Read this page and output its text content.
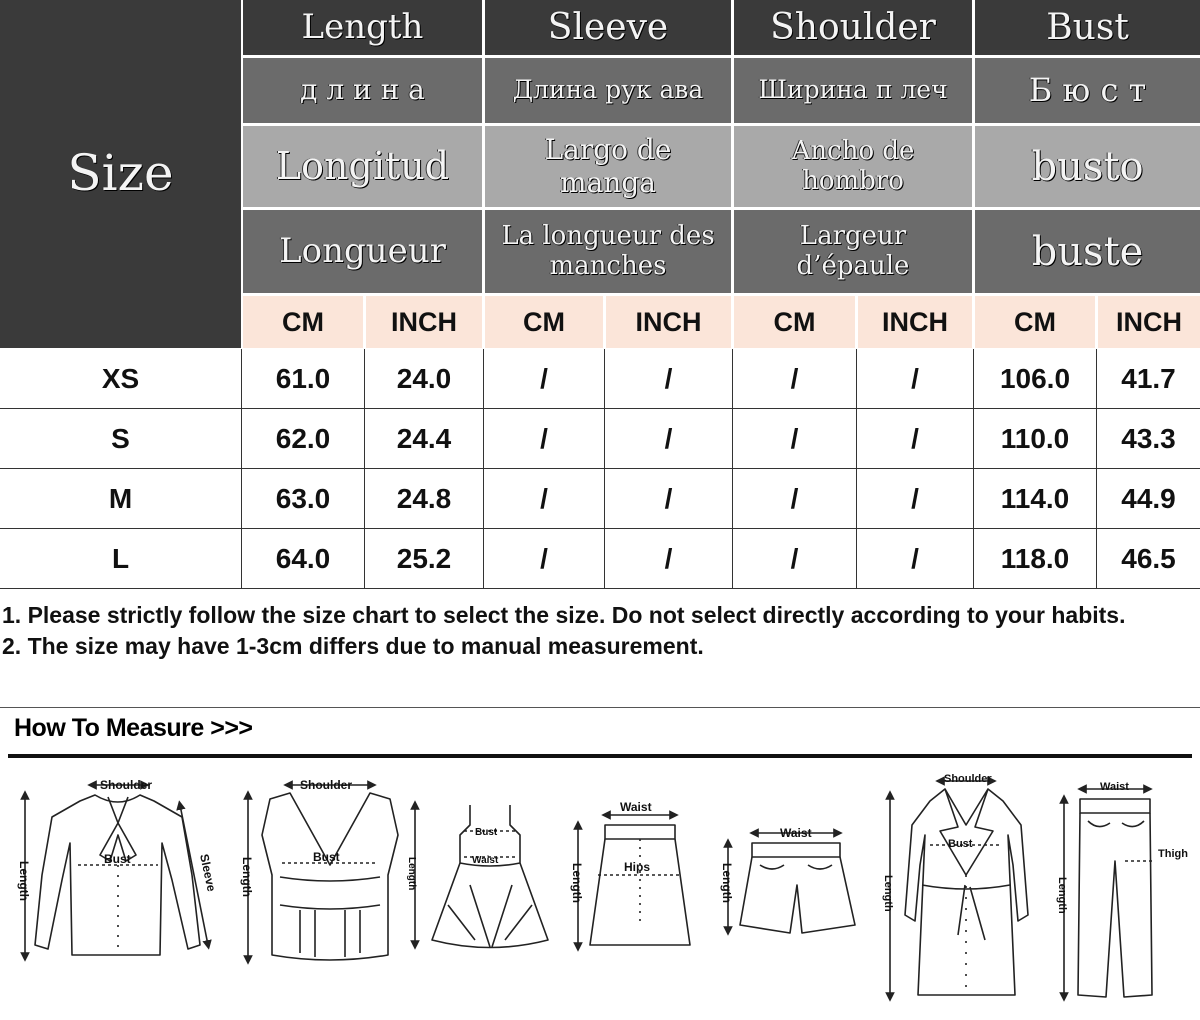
Size
Length
д л и н а
Longitud
Longueur
Sleeve
Длина рук ава
Largo de manga
La longueur des manches
Shoulder
Ширина п леч
Ancho de hombro
Largeur d’épaule
Bust
Б ю с т
busto
buste
CM INCH CM	INCH	CM INCH CM INCH
XS	61.0 24.0	/	/	/	/	106.0 41.7
S	62.0 24.4	/	/	/	/	110.0 43.3
M	63.0 24.8	/	/	/	/	114.0 44.9
L	64.0 25.2	/	/	/	/	118.0 46.5

1. Please strictly follow the size chart to select the size. Do not select directly according to your habits.

2. The size may have 1-3cm differs due to manual measurement.

How To Measure >>>
Shoulder
Bust	Sleeve
Length
Shoulder
Bust
Length
Bust
Waist
Length
Waist
Hips
Length
Waist
Length
Shoulder
Bust
Length
Waist
Thigh
Length
